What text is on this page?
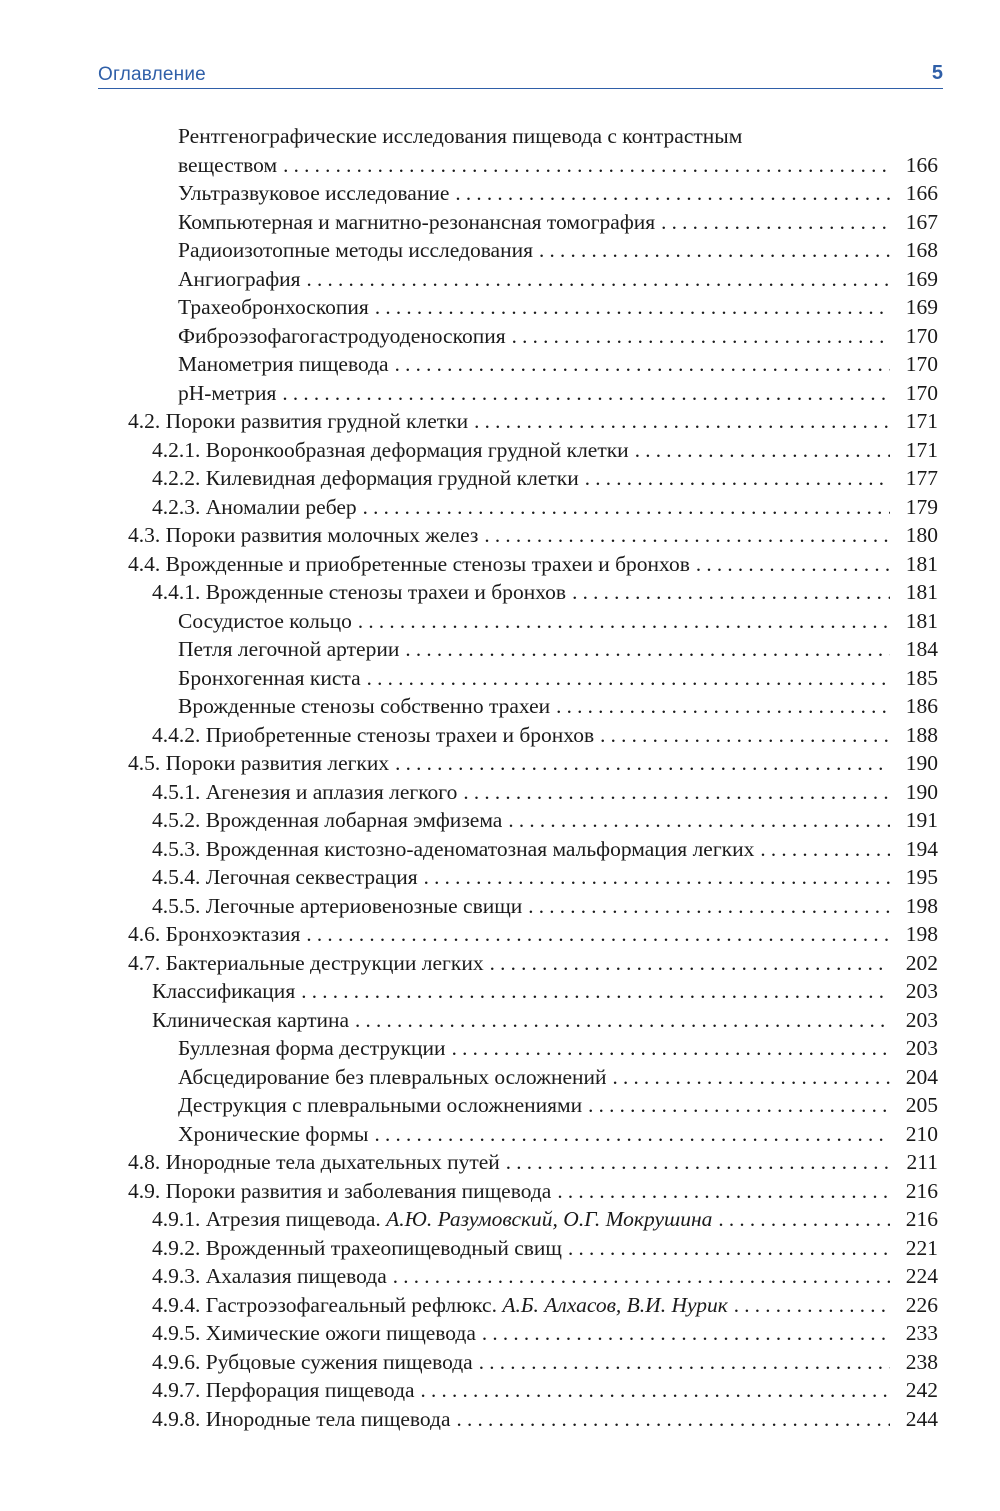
Оглавление	5
Рентгенографические исследования пищевода с контрастным
веществом . . .	166
Ультразвуковое исследование . . .	166
Компьютерная и магнитно-резонансная томография . . .	167
Радиоизотопные методы исследования . . .	168
Ангиография . . .	169
Трахеобронхоскопия . . .	169
Фиброэзофагогастродуоденоскопия . . .	170
Манометрия пищевода . . .	170
рН-метрия . . .	170
4.2. Пороки развития грудной клетки . . .	171
4.2.1. Воронкообразная деформация грудной клетки . . .	171
4.2.2. Килевидная деформация грудной клетки . . .	177
4.2.3. Аномалии ребер . . .	179
4.3. Пороки развития молочных желез . . .	180
4.4. Врожденные и приобретенные стенозы трахеи и бронхов . . .	181
4.4.1. Врожденные стенозы трахеи и бронхов . . .	181
Сосудистое кольцо . . .	181
Петля легочной артерии . . .	184
Бронхогенная киста . . .	185
Врожденные стенозы собственно трахеи . . .	186
4.4.2. Приобретенные стенозы трахеи и бронхов . . .	188
4.5. Пороки развития легких . . .	190
4.5.1. Агенезия и аплазия легкого . . .	190
4.5.2. Врожденная лобарная эмфизема . . .	191
4.5.3. Врожденная кистозно-аденоматозная мальформация легких . . .	194
4.5.4. Легочная секвестрация . . .	195
4.5.5. Легочные артериовенозные свищи . . .	198
4.6. Бронхоэктазия . . .	198
4.7. Бактериальные деструкции легких . . .	202
Классификация . . .	203
Клиническая картина . . .	203
Буллезная форма деструкции . . .	203
Абсцедирование без плевральных осложнений . . .	204
Деструкция с плевральными осложнениями . . .	205
Хронические формы . . .	210
4.8. Инородные тела дыхательных путей . . .	211
4.9. Пороки развития и заболевания пищевода . . .	216
4.9.1. Атрезия пищевода. А.Ю. Разумовский, О.Г. Мокрушина . . .	216
4.9.2. Врожденный трахеопищеводный свищ . . .	221
4.9.3. Ахалазия пищевода . . .	224
4.9.4. Гастроэзофагеальный рефлюкс. А.Б. Алхасов, В.И. Нурик . . .	226
4.9.5. Химические ожоги пищевода . . .	233
4.9.6. Рубцовые сужения пищевода . . .	238
4.9.7. Перфорация пищевода . . .	242
4.9.8. Инородные тела пищевода . . .	244
